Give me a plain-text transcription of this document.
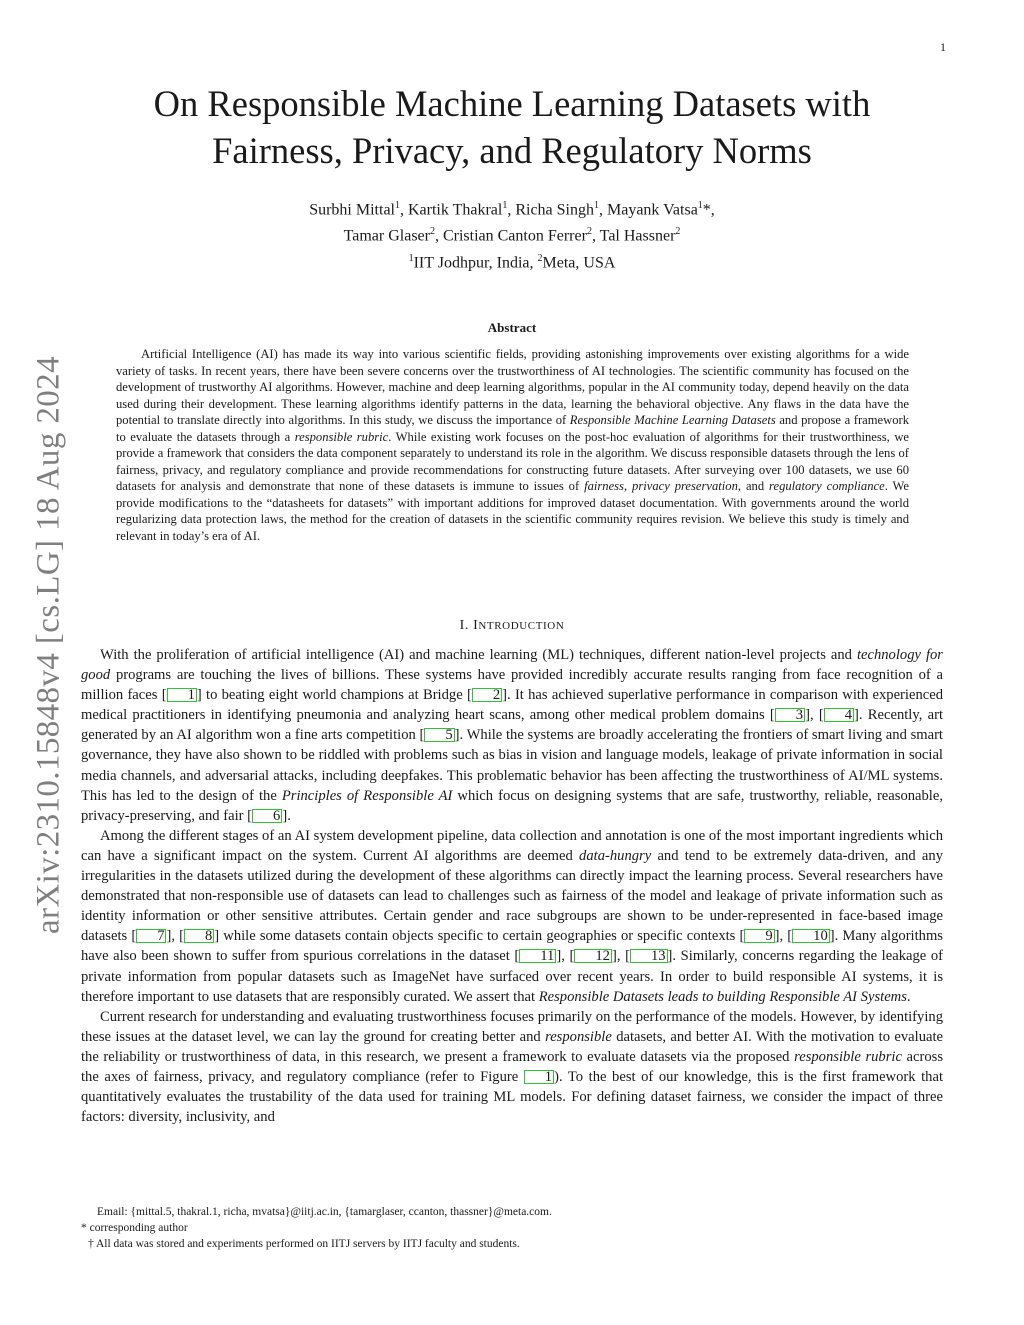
1
arXiv:2310.15848v4 [cs.LG] 18 Aug 2024
On Responsible Machine Learning Datasets with
Fairness, Privacy, and Regulatory Norms
Surbhi Mittal$^1$, Kartik Thakral$^1$, Richa Singh$^1$, Mayank Vatsa$^1$*,
Tamar Glaser$^2$, Cristian Canton Ferrer$^2$, Tal Hassner$^2$
$^1$IIT Jodhpur, India, $^2$Meta, USA
Abstract

Artificial Intelligence (AI) has made its way into various scientific fields, providing astonishing improvements over existing algorithms for a wide variety of tasks. In recent years, there have been severe concerns over the trustworthiness of AI technologies. The scientific community has focused on the development of trustworthy AI algorithms. However, machine and deep learning algorithms, popular in the AI community today, depend heavily on the data used during their development. These learning algorithms identify patterns in the data, learning the behavioral objective. Any flaws in the data have the potential to translate directly into algorithms. In this study, we discuss the importance of Responsible Machine Learning Datasets and propose a framework to evaluate the datasets through a responsible rubric. While existing work focuses on the post-hoc evaluation of algorithms for their trustworthiness, we provide a framework that considers the data component separately to understand its role in the algorithm. We discuss responsible datasets through the lens of fairness, privacy, and regulatory compliance and provide recommendations for constructing future datasets. After surveying over 100 datasets, we use 60 datasets for analysis and demonstrate that none of these datasets is immune to issues of fairness, privacy preservation, and regulatory compliance. We provide modifications to the “datasheets for datasets” with important additions for improved dataset documentation. With governments around the world regularizing data protection laws, the method for the creation of datasets in the scientific community requires revision. We believe this study is timely and relevant in today’s era of AI.

I. INTRODUCTION

With the proliferation of artificial intelligence (AI) and machine learning (ML) techniques, different nation-level projects and technology for good programs are touching the lives of billions. These systems have provided incredibly accurate results ranging from face recognition of a million faces [ 1 ] to beating eight world champions at Bridge [ 2 ]. It has achieved superlative performance in comparison with experienced medical practitioners in identifying pneumonia and analyzing heart scans, among other medical problem domains [ 3 ], [ 4 ]. Recently, art generated by an AI algorithm won a fine arts competition [ 5 ]. While the systems are broadly accelerating the frontiers of smart living and smart governance, they have also shown to be riddled with problems such as bias in vision and language models, leakage of private information in social media channels, and adversarial attacks, including deepfakes. This problematic behavior has been affecting the trustworthiness of AI/ML systems. This has led to the design of the Principles of Responsible AI which focus on designing systems that are safe, trustworthy, reliable, reasonable, privacy-preserving, and fair [ 6 ].

Among the different stages of an AI system development pipeline, data collection and annotation is one of the most important ingredients which can have a significant impact on the system. Current AI algorithms are deemed data-hungry and tend to be extremely data-driven, and any irregularities in the datasets utilized during the development of these algorithms can directly impact the learning process. Several researchers have demonstrated that non-responsible use of datasets can lead to challenges such as fairness of the model and leakage of private information such as identity information or other sensitive attributes. Certain gender and race subgroups are shown to be under-represented in face-based image datasets [ 7 ], [ 8 ] while some datasets contain objects specific to certain geographies or specific contexts [ 9 ], [ 10 ]. Many algorithms have also been shown to suffer from spurious correlations in the dataset [ 11 ], [ 12 ], [ 13 ]. Similarly, concerns regarding the leakage of private information from popular datasets such as ImageNet have surfaced over recent years. In order to build responsible AI systems, it is therefore important to use datasets that are responsibly curated. We assert that Responsible Datasets leads to building Responsible AI Systems.

Current research for understanding and evaluating trustworthiness focuses primarily on the performance of the models. However, by identifying these issues at the dataset level, we can lay the ground for creating better and responsible datasets, and better AI. With the motivation to evaluate the reliability or trustworthiness of data, in this research, we present a framework to evaluate datasets via the proposed responsible rubric across the axes of fairness, privacy, and regulatory compliance (refer to Figure 1 ). To the best of our knowledge, this is the first framework that quantitatively evaluates the trustability of the data used for training ML models. For defining dataset fairness, we consider the impact of three factors: diversity, inclusivity, and

Email: {mittal.5, thakral.1, richa, mvatsa}@iitj.ac.in, {tamarglaser, ccanton, thassner}@meta.com.
* corresponding author
† All data was stored and experiments performed on IITJ servers by IITJ faculty and students.
